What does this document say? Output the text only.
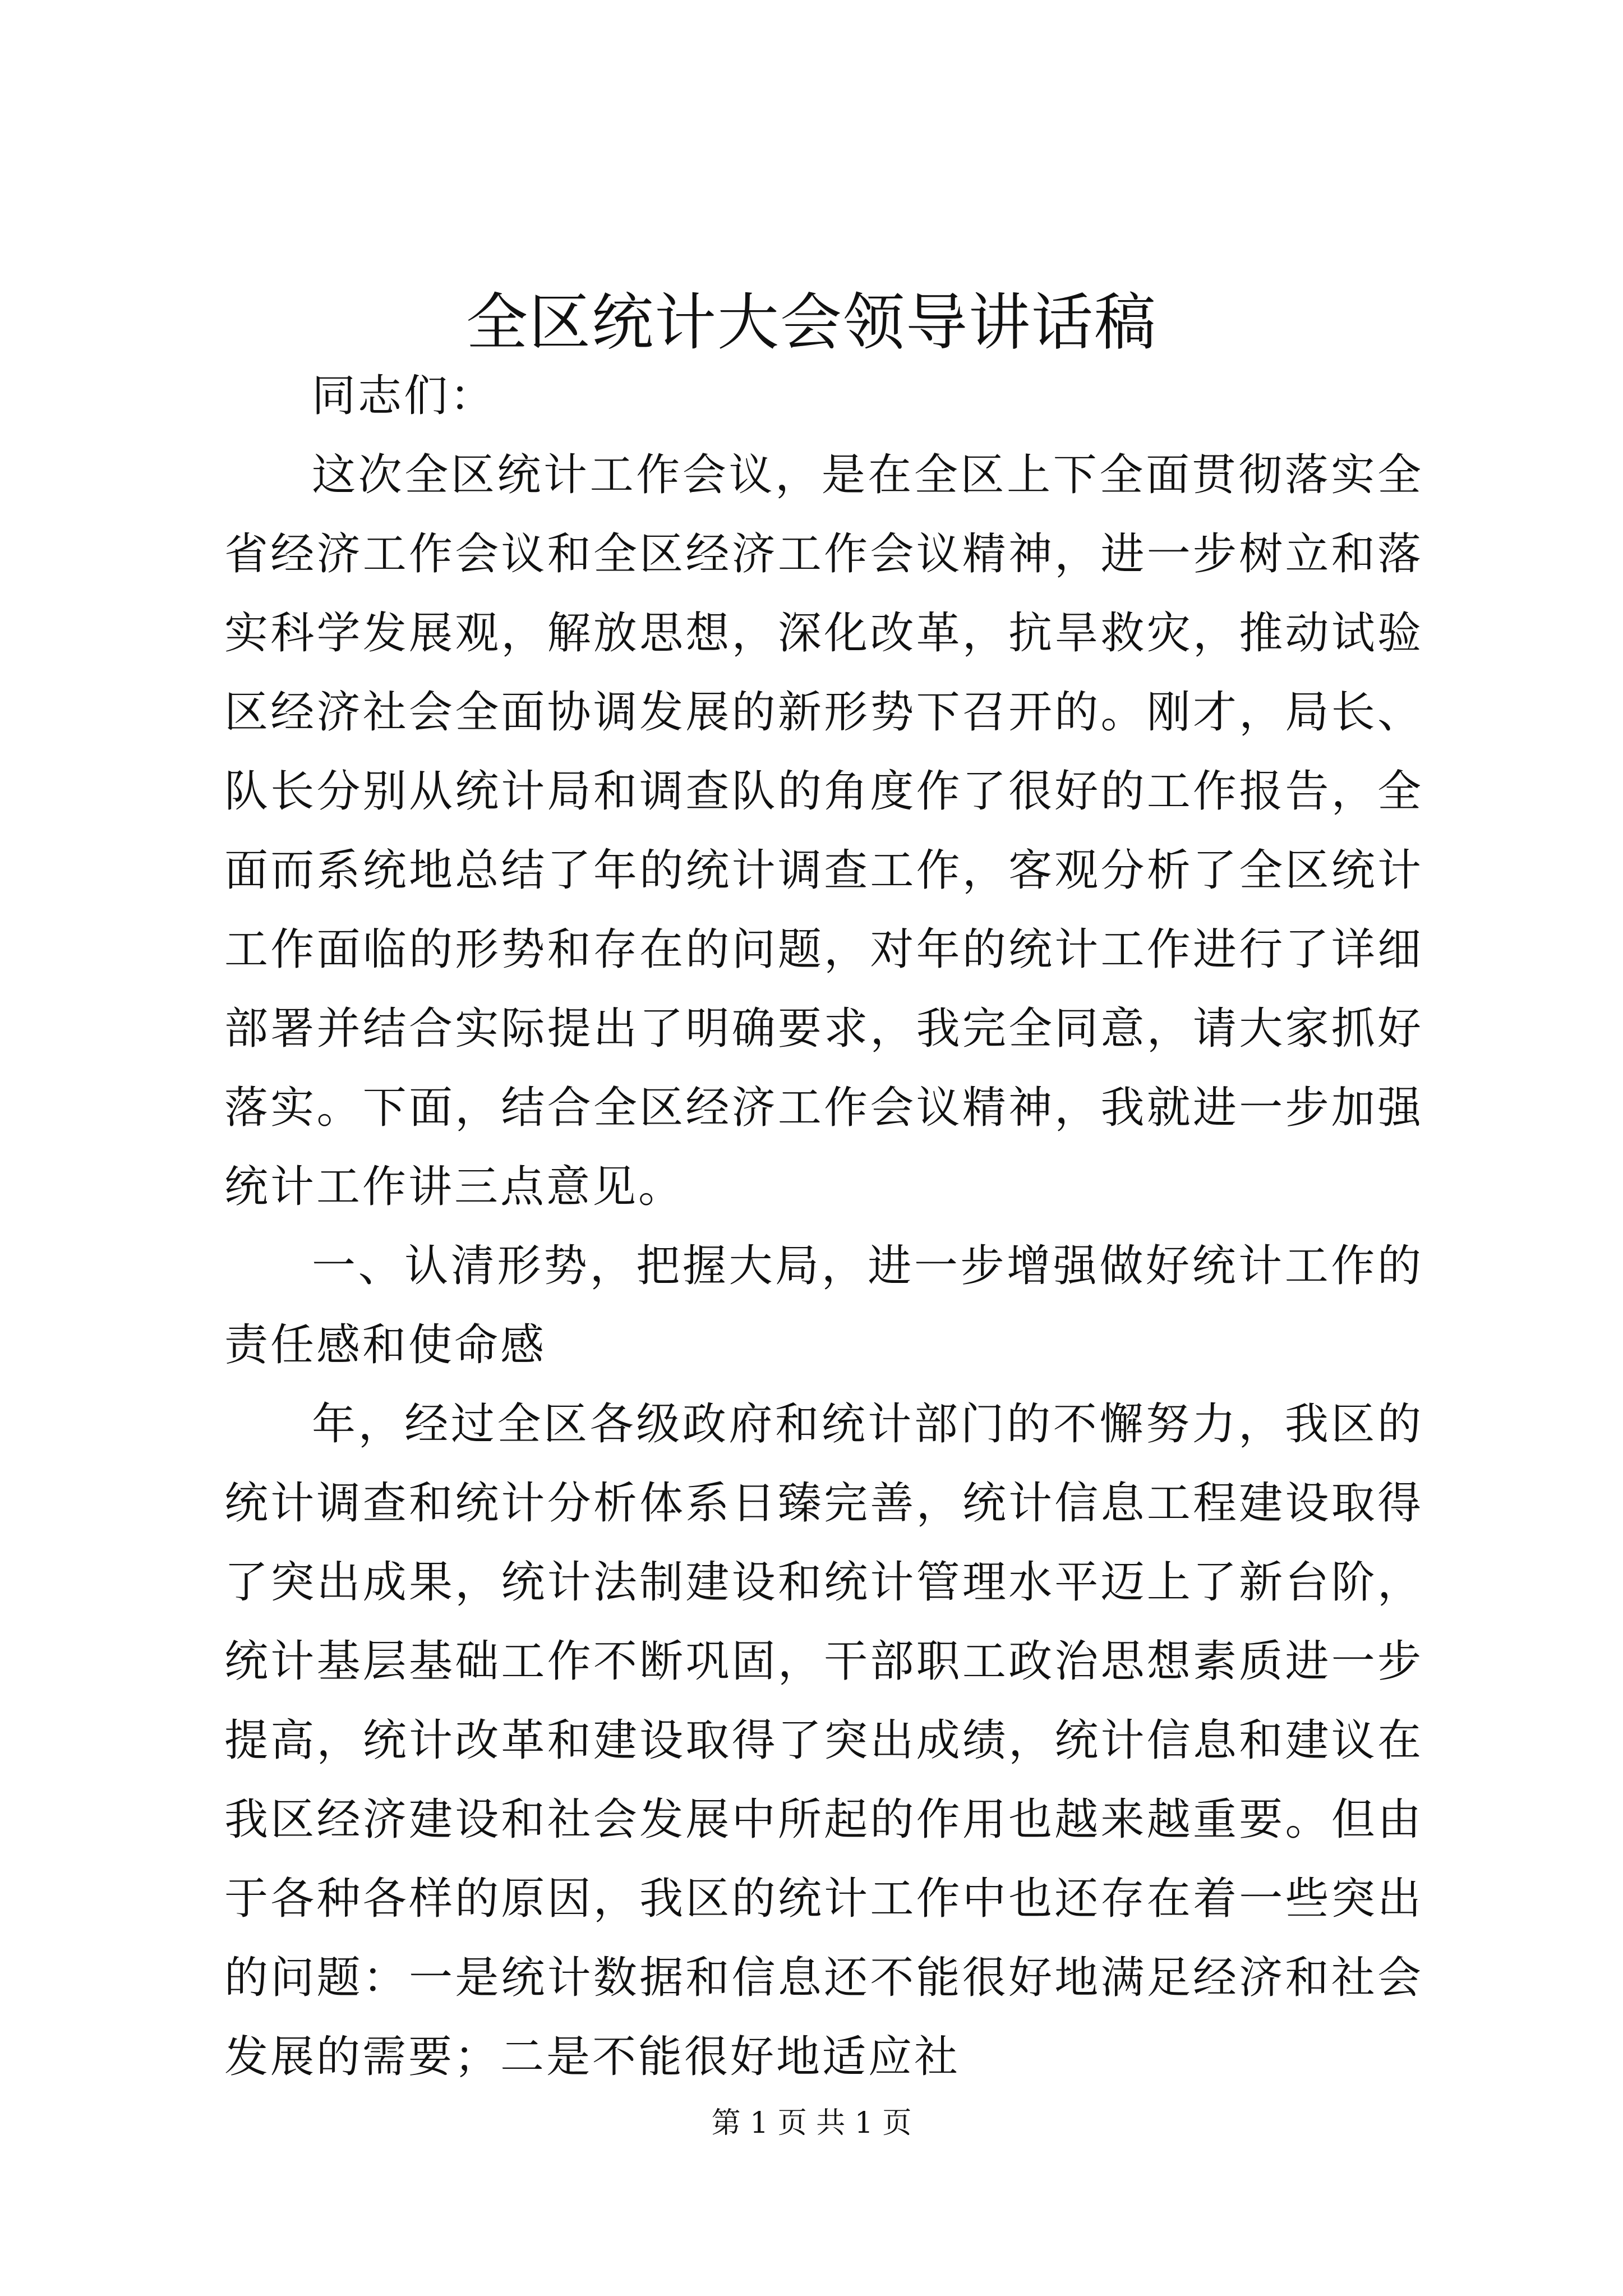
全区统计大会领导讲话稿

同志们：

这次全区统计工作会议，是在全区上下全面贯彻落实全省经济工作会议和全区经济工作会议精神，进一步树立和落实科学发展观，解放思想，深化改革，抗旱救灾，推动试验区经济社会全面协调发展的新形势下召开的。刚才，局长、队长分别从统计局和调查队的角度作了很好的工作报告，全面而系统地总结了年的统计调查工作，客观分析了全区统计工作面临的形势和存在的问题，对年的统计工作进行了详细部署并结合实际提出了明确要求，我完全同意，请大家抓好落实。下面，结合全区经济工作会议精神，我就进一步加强统计工作讲三点意见。

一、认清形势，把握大局，进一步增强做好统计工作的责任感和使命感

年，经过全区各级政府和统计部门的不懈努力，我区的统计调查和统计分析体系日臻完善，统计信息工程建设取得了突出成果，统计法制建设和统计管理水平迈上了新台阶，统计基层基础工作不断巩固，干部职工政治思想素质进一步提高，统计改革和建设取得了突出成绩，统计信息和建议在我区经济建设和社会发展中所起的作用也越来越重要。但由于各种各样的原因，我区的统计工作中也还存在着一些突出的问题：一是统计数据和信息还不能很好地满足经济和社会发展的需要；二是不能很好地适应社

第 1 页 共 1 页
